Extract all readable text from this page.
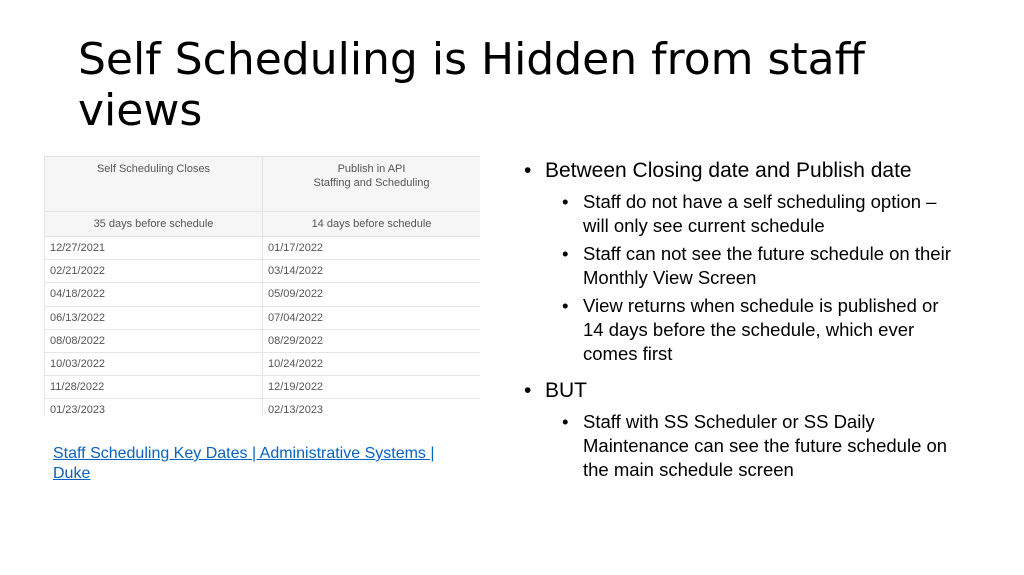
Self Scheduling is Hidden from staff views
Self Scheduling Closes	Publish in API
Staffing and Scheduling
35 days before schedule	14 days before schedule
12/27/2021	01/17/2022
02/21/2022	03/14/2022
04/18/2022	05/09/2022
06/13/2022	07/04/2022
08/08/2022	08/29/2022
10/03/2022	10/24/2022
11/28/2022	12/19/2022
01/23/2023	02/13/2023
Staff Scheduling Key Dates | Administrative Systems | Duke
• Between Closing date and Publish date
• Staff do not have a self scheduling option – will only see current schedule
• Staff can not see the future schedule on their Monthly View Screen
• View returns when schedule is published or 14 days before the schedule, which ever comes first
• BUT
• Staff with SS Scheduler or SS Daily Maintenance can see the future schedule on the main schedule screen
